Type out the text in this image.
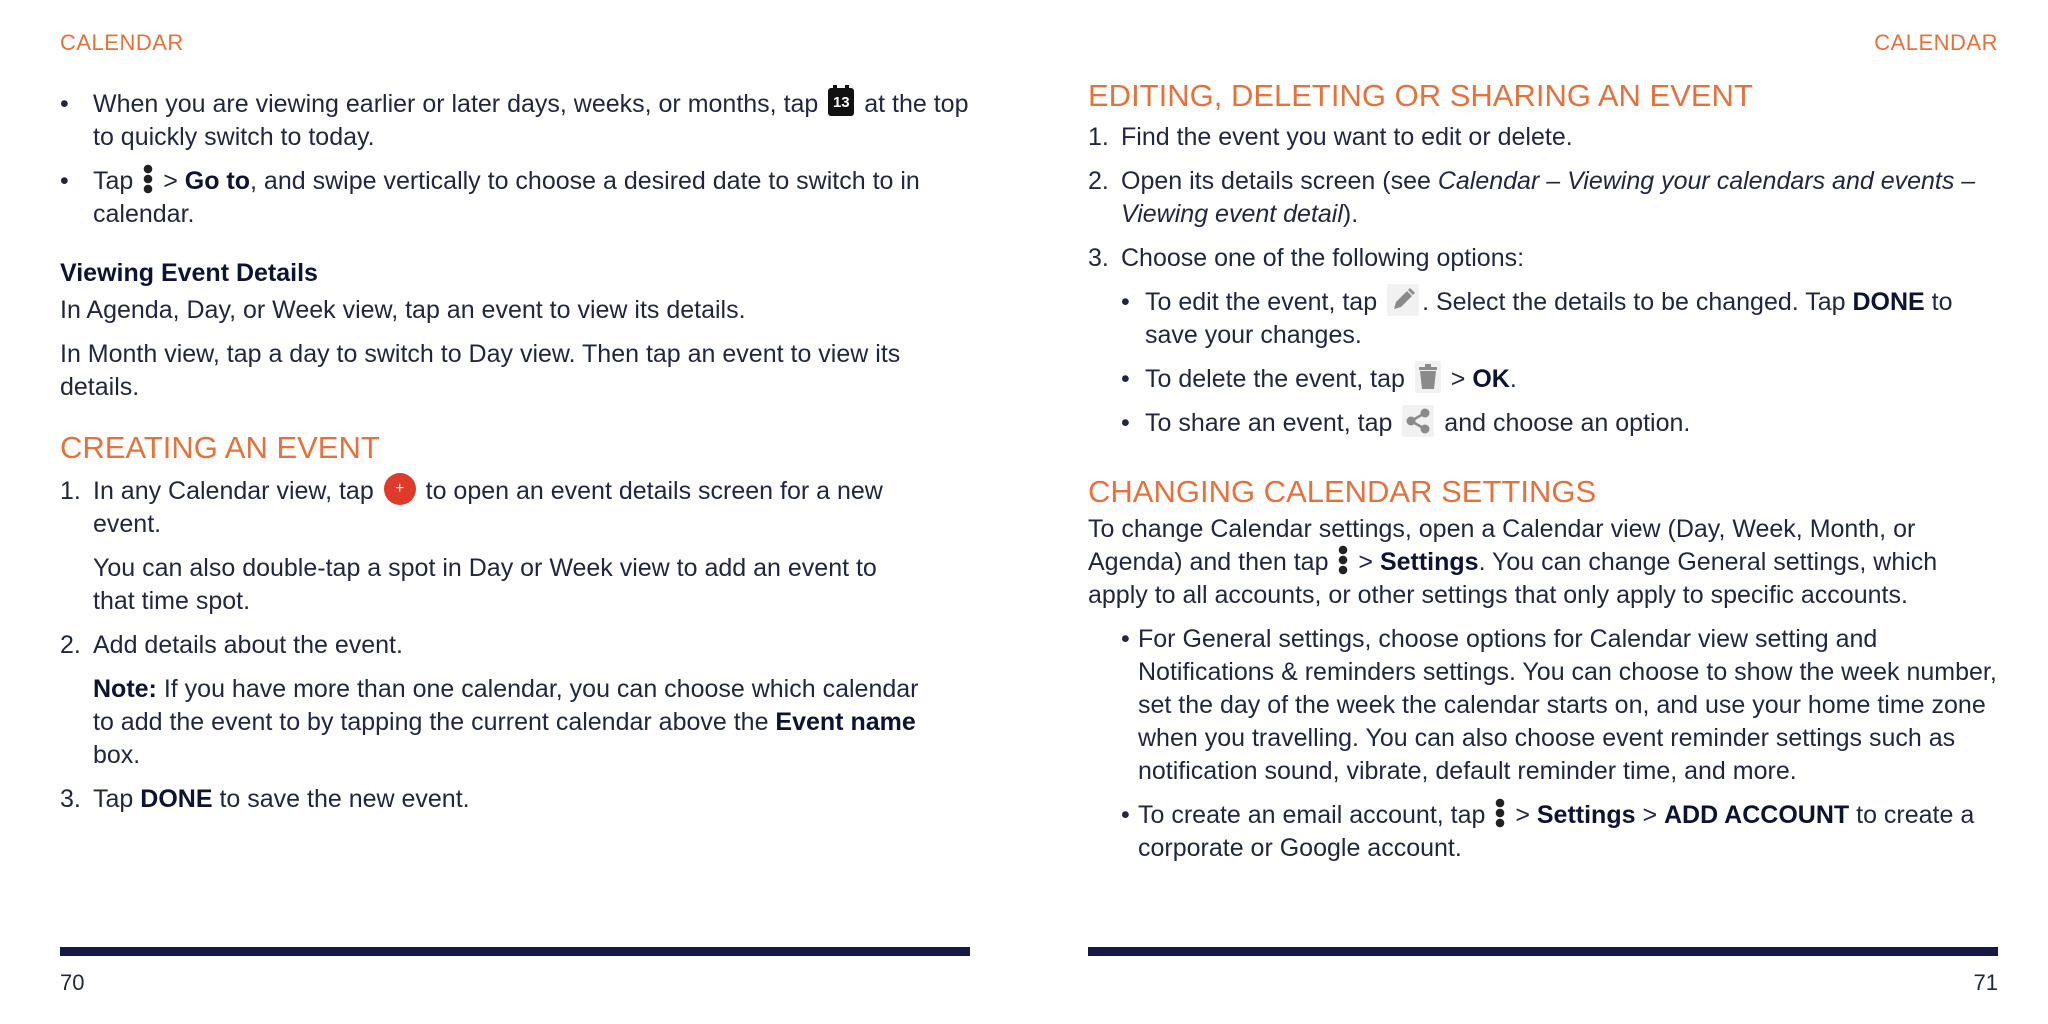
CALENDAR
• When you are viewing earlier or later days, weeks, or months, tap 13 at the top to quickly switch to today.
• Tap  > Go to, and swipe vertically to choose a desired date to switch to in calendar.
Viewing Event Details
In Agenda, Day, or Week view, tap an event to view its details.
In Month view, tap a day to switch to Day view. Then tap an event to view its details.
CREATING AN EVENT
1. In any Calendar view, tap + to open an event details screen for a new event.
You can also double-tap a spot in Day or Week view to add an event to that time spot.
2. Add details about the event.
Note: If you have more than one calendar, you can choose which calendar to add the event to by tapping the current calendar above the Event name box.
3. Tap DONE to save the new event.
70
CALENDAR
EDITING, DELETING OR SHARING AN EVENT
1. Find the event you want to edit or delete.
2. Open its details screen (see Calendar – Viewing your calendars and events – Viewing event detail).
3. Choose one of the following options:
• To edit the event, tap
. Select the details to be changed. Tap DONE to save your changes.
• To delete the event, tap
> OK.
• To share an event, tap
and choose an option.
CHANGING CALENDAR SETTINGS
To change Calendar settings, open a Calendar view (Day, Week, Month, or Agenda) and then tap  > Settings. You can change General settings, which apply to all accounts, or other settings that only apply to specific accounts.
• For General settings, choose options for Calendar view setting and Notifications & reminders settings. You can choose to show the week number, set the day of the week the calendar starts on, and use your home time zone when you travelling. You can also choose event reminder settings such as notification sound, vibrate, default reminder time, and more.
• To create an email account, tap  > Settings > ADD ACCOUNT to create a corporate or Google account.
71
